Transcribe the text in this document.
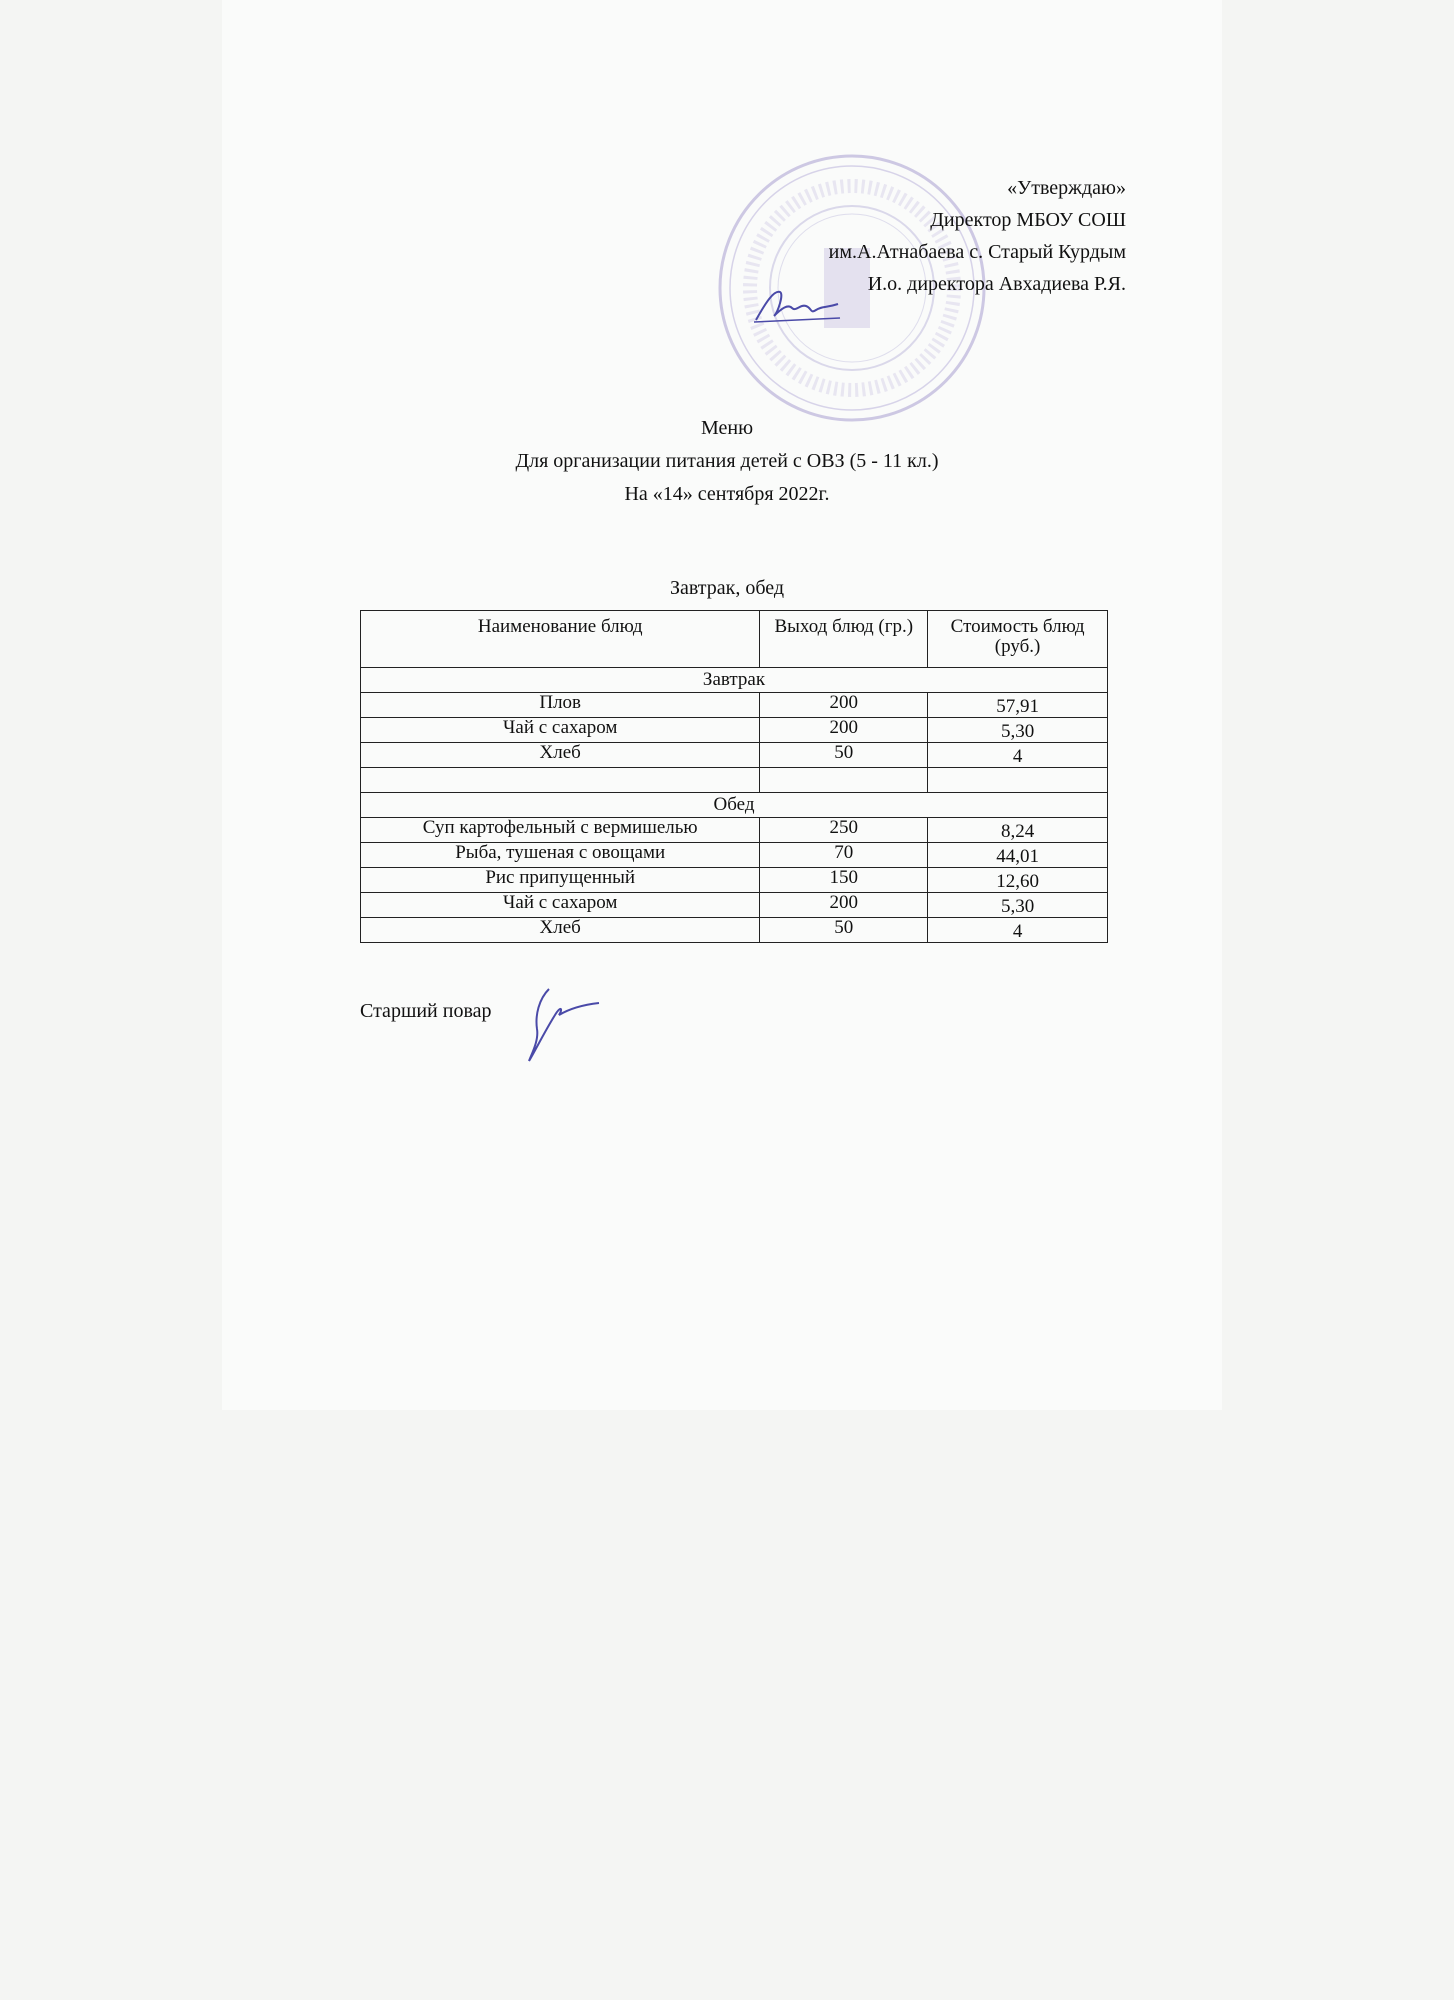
«Утверждаю»
Директор МБОУ СОШ
им.А.Атнабаева с. Старый Курдым
И.о. директора Авхадиева Р.Я.
Меню
Для организации питания детей с ОВЗ (5 - 11 кл.)
На «14» сентября 2022г.
Завтрак, обед
Наименование блюд	Выход блюд (гр.)	Стоимость блюд (руб.)
Завтрак		
Плов	200	57,91
Чай с сахаром	200	5,30
Хлеб	50	4

Обед		
Суп картофельный с вермишелью	250	8,24
Рыба, тушеная с овощами	70	44,01
Рис припущенный	150	12,60
Чай с сахаром	200	5,30
Хлеб	50	4
Старший повар
